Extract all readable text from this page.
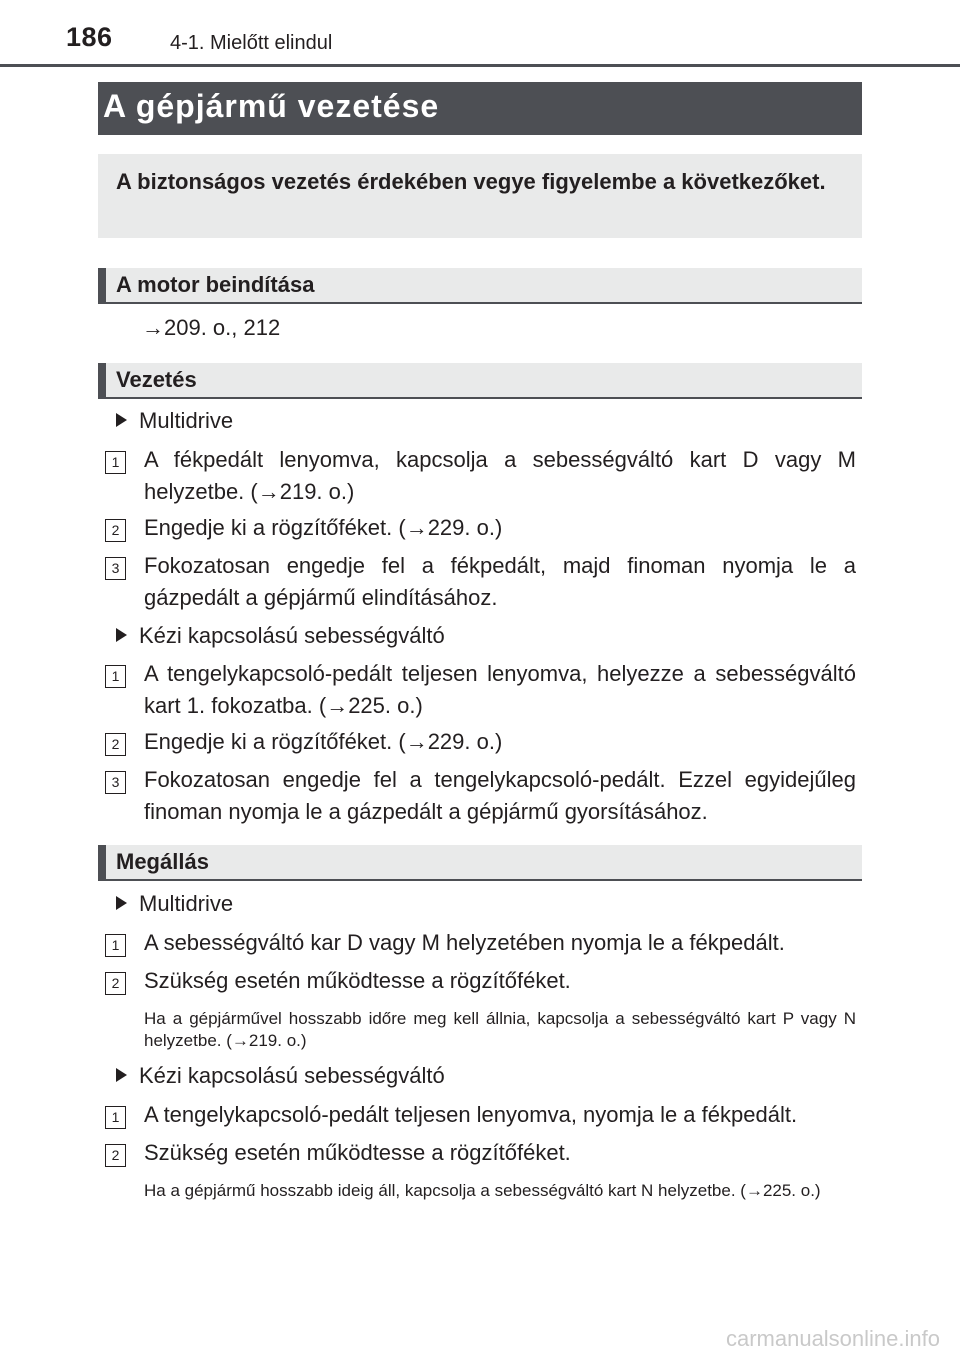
186	4-1. Mielőtt elindul
A gépjármű vezetése
A biztonságos vezetés érdekében vegye figyelembe a következőket.
A motor beindítása
→209. o., 212
Vezetés
Multidrive
1	A fékpedált lenyomva, kapcsolja a sebességváltó kart D vagy M helyzetbe. (→219. o.)
2	Engedje ki a rögzítőféket. (→229. o.)
3	Fokozatosan engedje fel a fékpedált, majd finoman nyomja le a gázpedált a gépjármű elindításához.
Kézi kapcsolású sebességváltó
1	A tengelykapcsoló-pedált teljesen lenyomva, helyezze a sebességváltó kart 1. fokozatba. (→225. o.)
2	Engedje ki a rögzítőféket. (→229. o.)
3	Fokozatosan engedje fel a tengelykapcsoló-pedált. Ezzel egyidejűleg finoman nyomja le a gázpedált a gépjármű gyorsításához.
Megállás
Multidrive
1	A sebességváltó kar D vagy M helyzetében nyomja le a fékpedált.
2	Szükség esetén működtesse a rögzítőféket.
Ha a gépjárművel hosszabb időre meg kell állnia, kapcsolja a sebességváltó kart P vagy N helyzetbe. (→219. o.)
Kézi kapcsolású sebességváltó
1	A tengelykapcsoló-pedált teljesen lenyomva, nyomja le a fékpedált.
2	Szükség esetén működtesse a rögzítőféket.
Ha a gépjármű hosszabb ideig áll, kapcsolja a sebességváltó kart N helyzetbe. (→225. o.)
carmanualsonline.info
